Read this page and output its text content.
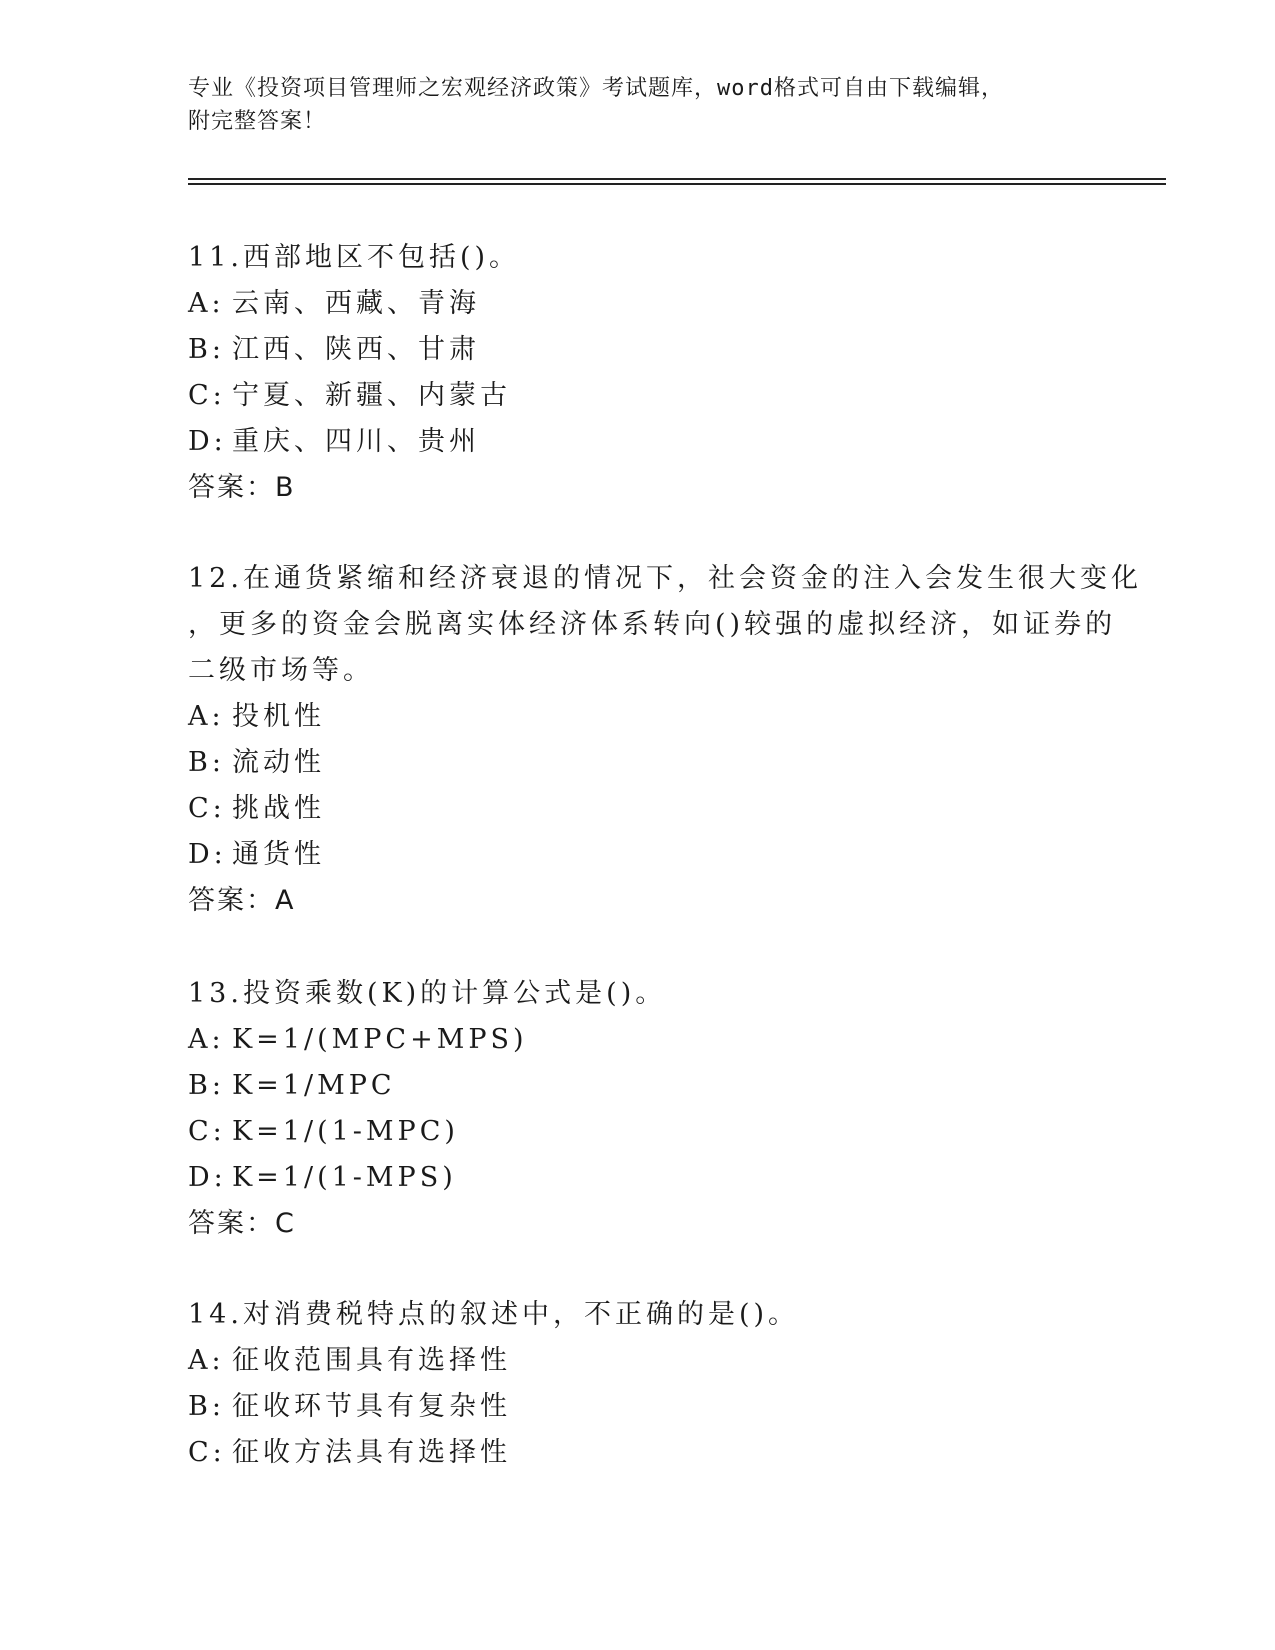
专业《投资项目管理师之宏观经济政策》考试题库，word格式可自由下载编辑，
附完整答案！
11.西部地区不包括()。
A: 云南、西藏、青海
B: 江西、陕西、甘肃
C: 宁夏、新疆、内蒙古
D: 重庆、四川、贵州
答案：B
12.在通货紧缩和经济衰退的情况下，社会资金的注入会发生很大变化
，更多的资金会脱离实体经济体系转向()较强的虚拟经济，如证券的
二级市场等。
A: 投机性
B: 流动性
C: 挑战性
D: 通货性
答案：A
13.投资乘数(K)的计算公式是()。
A: K=1/(MPC+MPS)
B: K=1/MPC
C: K=1/(1-MPC)
D: K=1/(1-MPS)
答案：C
14.对消费税特点的叙述中，不正确的是()。
A: 征收范围具有选择性
B: 征收环节具有复杂性
C: 征收方法具有选择性
